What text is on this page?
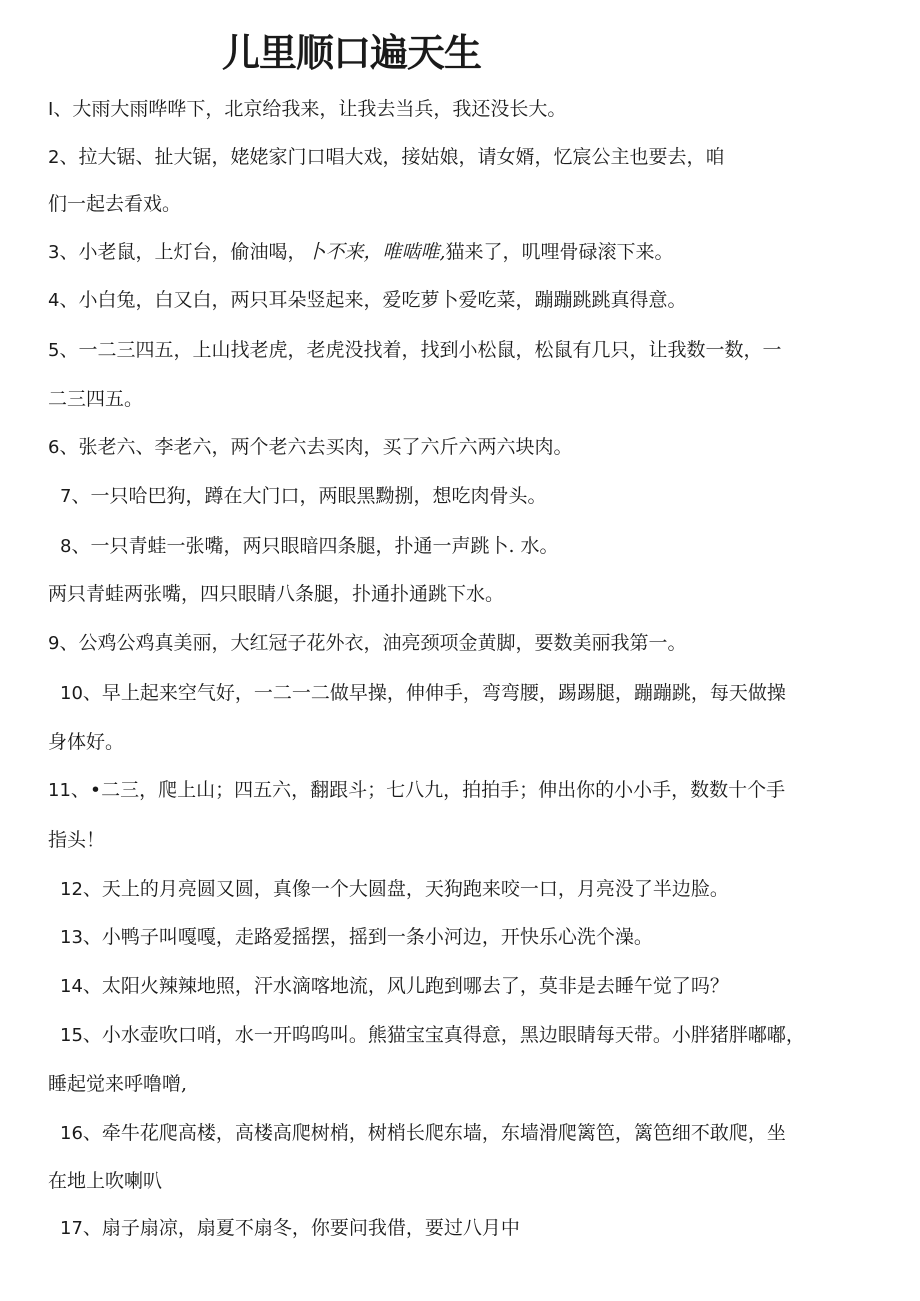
儿里顺口遍天生
I、大雨大雨哗哗下，北京给我来，让我去当兵，我还没长大。
2、拉大锯、扯大锯，姥姥家门口唱大戏，接姑娘，请女婿，忆宸公主也要去，咱
们一起去看戏。
3、小老鼠，上灯台，偷油喝，卜不来，唯啮唯,猫来了，叽哩骨碌滚下来。
4、小白兔，白又白，两只耳朵竖起来，爱吃萝卜爱吃菜，蹦蹦跳跳真得意。
5、一二三四五，上山找老虎，老虎没找着，找到小松鼠，松鼠有几只，让我数一数，一
二三四五。
6、张老六、李老六，两个老六去买肉，买了六斤六两六块肉。
7、一只哈巴狗，蹲在大门口，两眼黑黝捌，想吃肉骨头。
8、一只青蛙一张嘴，两只眼暗四条腿，扑通一声跳卜. 水。
两只青蛙两张嘴，四只眼睛八条腿，扑通扑通跳下水。
9、公鸡公鸡真美丽，大红冠子花外衣，油亮颈项金黄脚，要数美丽我第一。
10、早上起来空气好，一二一二做早操，伸伸手，弯弯腰，踢踢腿，蹦蹦跳，每天做操
身体好。
11、•二三，爬上山；四五六，翻跟斗；七八九，拍拍手；伸出你的小小手，数数十个手
指头！
12、天上的月亮圆又圆，真像一个大圆盘，天狗跑来咬一口，月亮没了半边脸。
13、小鸭子叫嘎嘎，走路爱摇摆，摇到一条小河边，开快乐心洗个澡。
14、太阳火辣辣地照，汗水滴喀地流，风儿跑到哪去了，莫非是去睡午觉了吗？
15、小水壶吹口哨，水一开呜呜叫。熊猫宝宝真得意，黑边眼睛每天带。小胖猪胖嘟嘟，
睡起觉来呼噜噌,
16、牵牛花爬高楼，高楼高爬树梢，树梢长爬东墙，东墙滑爬篱笆，篱笆细不敢爬，坐
在地上吹喇叭
17、扇子扇凉，扇夏不扇冬，你要问我借，要过八月中
